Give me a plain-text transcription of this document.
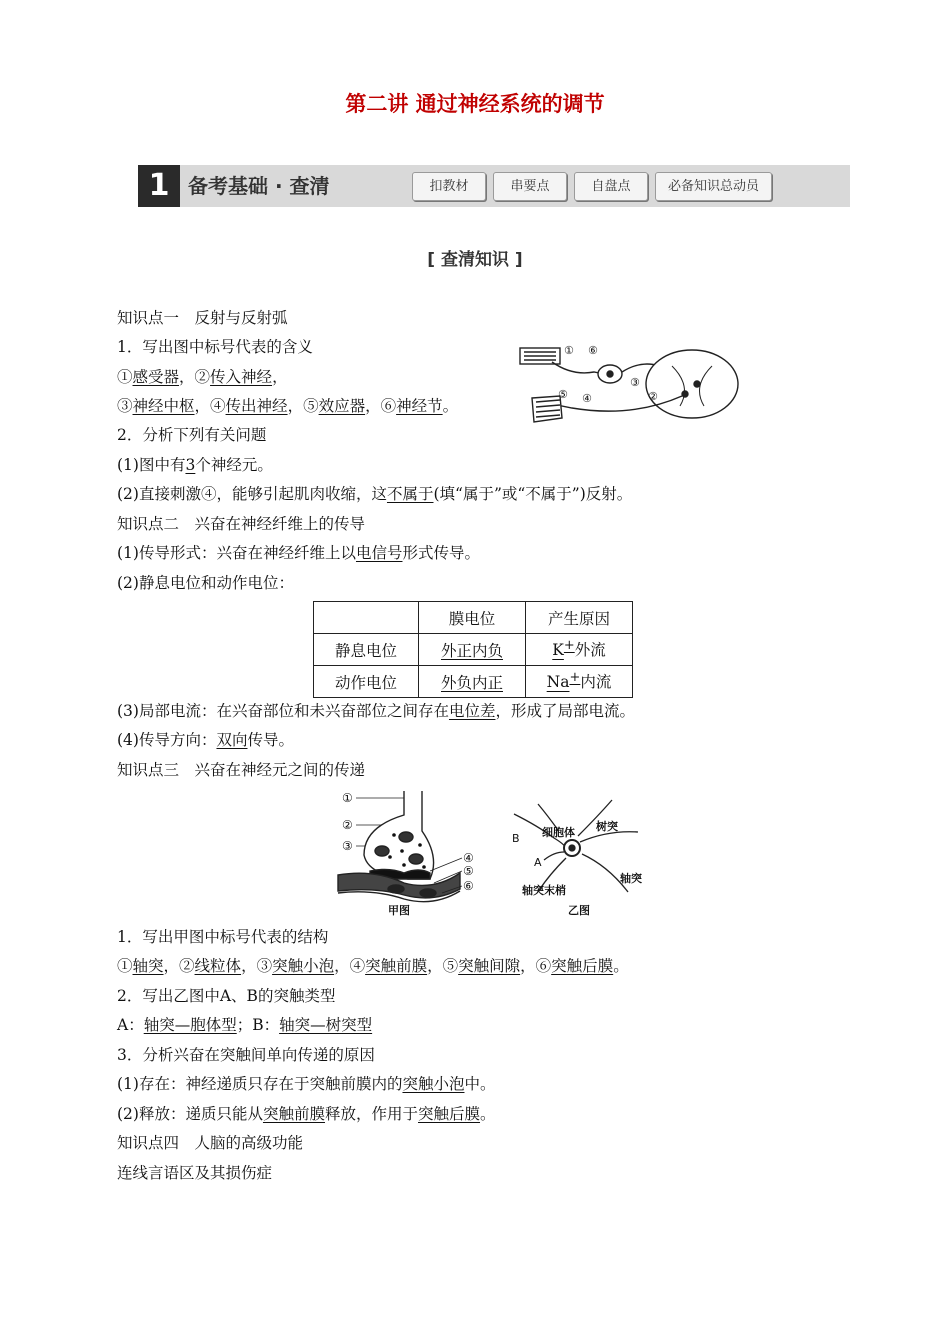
第二讲 通过神经系统的调节
1 备考基础 · 查清	扣教材	串要点	自盘点	必备知识总动员
[ 查清知识 ]
知识点一　反射与反射弧
1．写出图中标号代表的含义
①感受器，②传入神经，
③神经中枢，④传出神经，⑤效应器，⑥神经节。
2．分析下列有关问题
(1)图中有3个神经元。
(2)直接刺激④，能够引起肌肉收缩，这不属于(填“属于”或“不属于”)反射。
① ⑥
⑤ ④
③
②
知识点二　兴奋在神经纤维上的传导
(1)传导形式：兴奋在神经纤维上以电信号形式传导。
(2)静息电位和动作电位：
	膜电位	产生原因
静息电位	外正内负	K+外流
动作电位	外负内正	Na+内流
(3)局部电流：在兴奋部位和未兴奋部位之间存在电位差，形成了局部电流。
(4)传导方向：双向传导。
知识点三　兴奋在神经元之间的传递
①
②
③
④
⑤
⑥
甲图
B
A
细胞体 树突
轴突
轴突末梢
乙图
1．写出甲图中标号代表的结构
①轴突，②线粒体，③突触小泡，④突触前膜，⑤突触间隙，⑥突触后膜。
2．写出乙图中A、B的突触类型
A：轴突—胞体型；B：轴突—树突型
3．分析兴奋在突触间单向传递的原因
(1)存在：神经递质只存在于突触前膜内的突触小泡中。
(2)释放：递质只能从突触前膜释放，作用于突触后膜。
知识点四　人脑的高级功能
连线言语区及其损伤症
